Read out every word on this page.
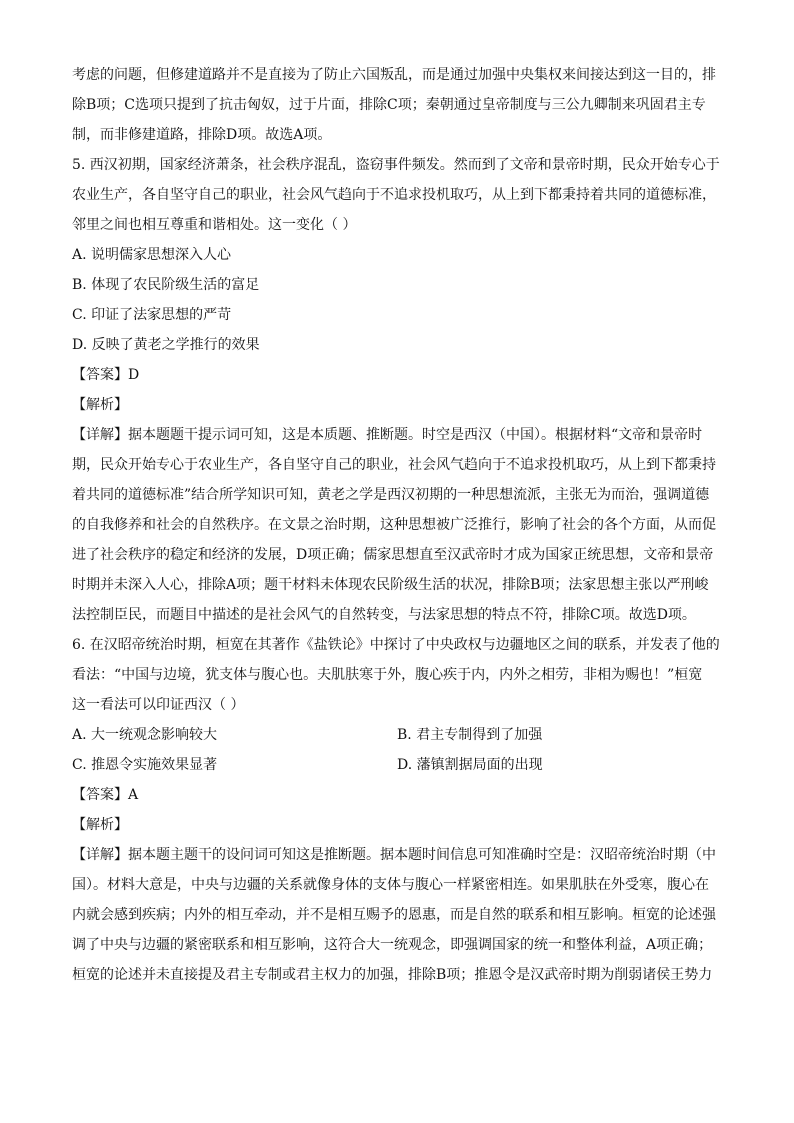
考虑的问题，但修建道路并不是直接为了防止六国叛乱，而是通过加强中央集权来间接达到这一目的，排
除B项；C选项只提到了抗击匈奴，过于片面，排除C项；秦朝通过皇帝制度与三公九卿制来巩固君主专
制，而非修建道路，排除D项。故选A项。
5. 西汉初期，国家经济萧条，社会秩序混乱，盗窃事件频发。然而到了文帝和景帝时期，民众开始专心于
农业生产，各自坚守自己的职业，社会风气趋向于不追求投机取巧，从上到下都秉持着共同的道德标准，
邻里之间也相互尊重和谐相处。这一变化（ ）
A. 说明儒家思想深入人心
B. 体现了农民阶级生活的富足
C. 印证了法家思想的严苛
D. 反映了黄老之学推行的效果
【答案】D
【解析】
【详解】据本题题干提示词可知，这是本质题、推断题。时空是西汉（中国）。根据材料“文帝和景帝时
期，民众开始专心于农业生产，各自坚守自己的职业，社会风气趋向于不追求投机取巧，从上到下都秉持
着共同的道德标准”结合所学知识可知，黄老之学是西汉初期的一种思想流派，主张无为而治，强调道德
的自我修养和社会的自然秩序。在文景之治时期，这种思想被广泛推行，影响了社会的各个方面，从而促
进了社会秩序的稳定和经济的发展，D项正确；儒家思想直至汉武帝时才成为国家正统思想，文帝和景帝
时期并未深入人心，排除A项；题干材料未体现农民阶级生活的状况，排除B项；法家思想主张以严刑峻
法控制臣民，而题目中描述的是社会风气的自然转变，与法家思想的特点不符，排除C项。故选D项。
6. 在汉昭帝统治时期，桓宽在其著作《盐铁论》中探讨了中央政权与边疆地区之间的联系，并发表了他的
看法：“中国与边境，犹支体与腹心也。夫肌肤寒于外，腹心疾于内，内外之相劳，非相为赐也！”桓宽
这一看法可以印证西汉（ ）
A. 大一统观念影响较大	B. 君主专制得到了加强
C. 推恩令实施效果显著	D. 藩镇割据局面的出现
【答案】A
【解析】
【详解】据本题主题干的设问词可知这是推断题。据本题时间信息可知准确时空是：汉昭帝统治时期（中
国）。材料大意是，中央与边疆的关系就像身体的支体与腹心一样紧密相连。如果肌肤在外受寒，腹心在
内就会感到疾病；内外的相互牵动，并不是相互赐予的恩惠，而是自然的联系和相互影响。桓宽的论述强
调了中央与边疆的紧密联系和相互影响，这符合大一统观念，即强调国家的统一和整体利益，A项正确；
桓宽的论述并未直接提及君主专制或君主权力的加强，排除B项；推恩令是汉武帝时期为削弱诸侯王势力
